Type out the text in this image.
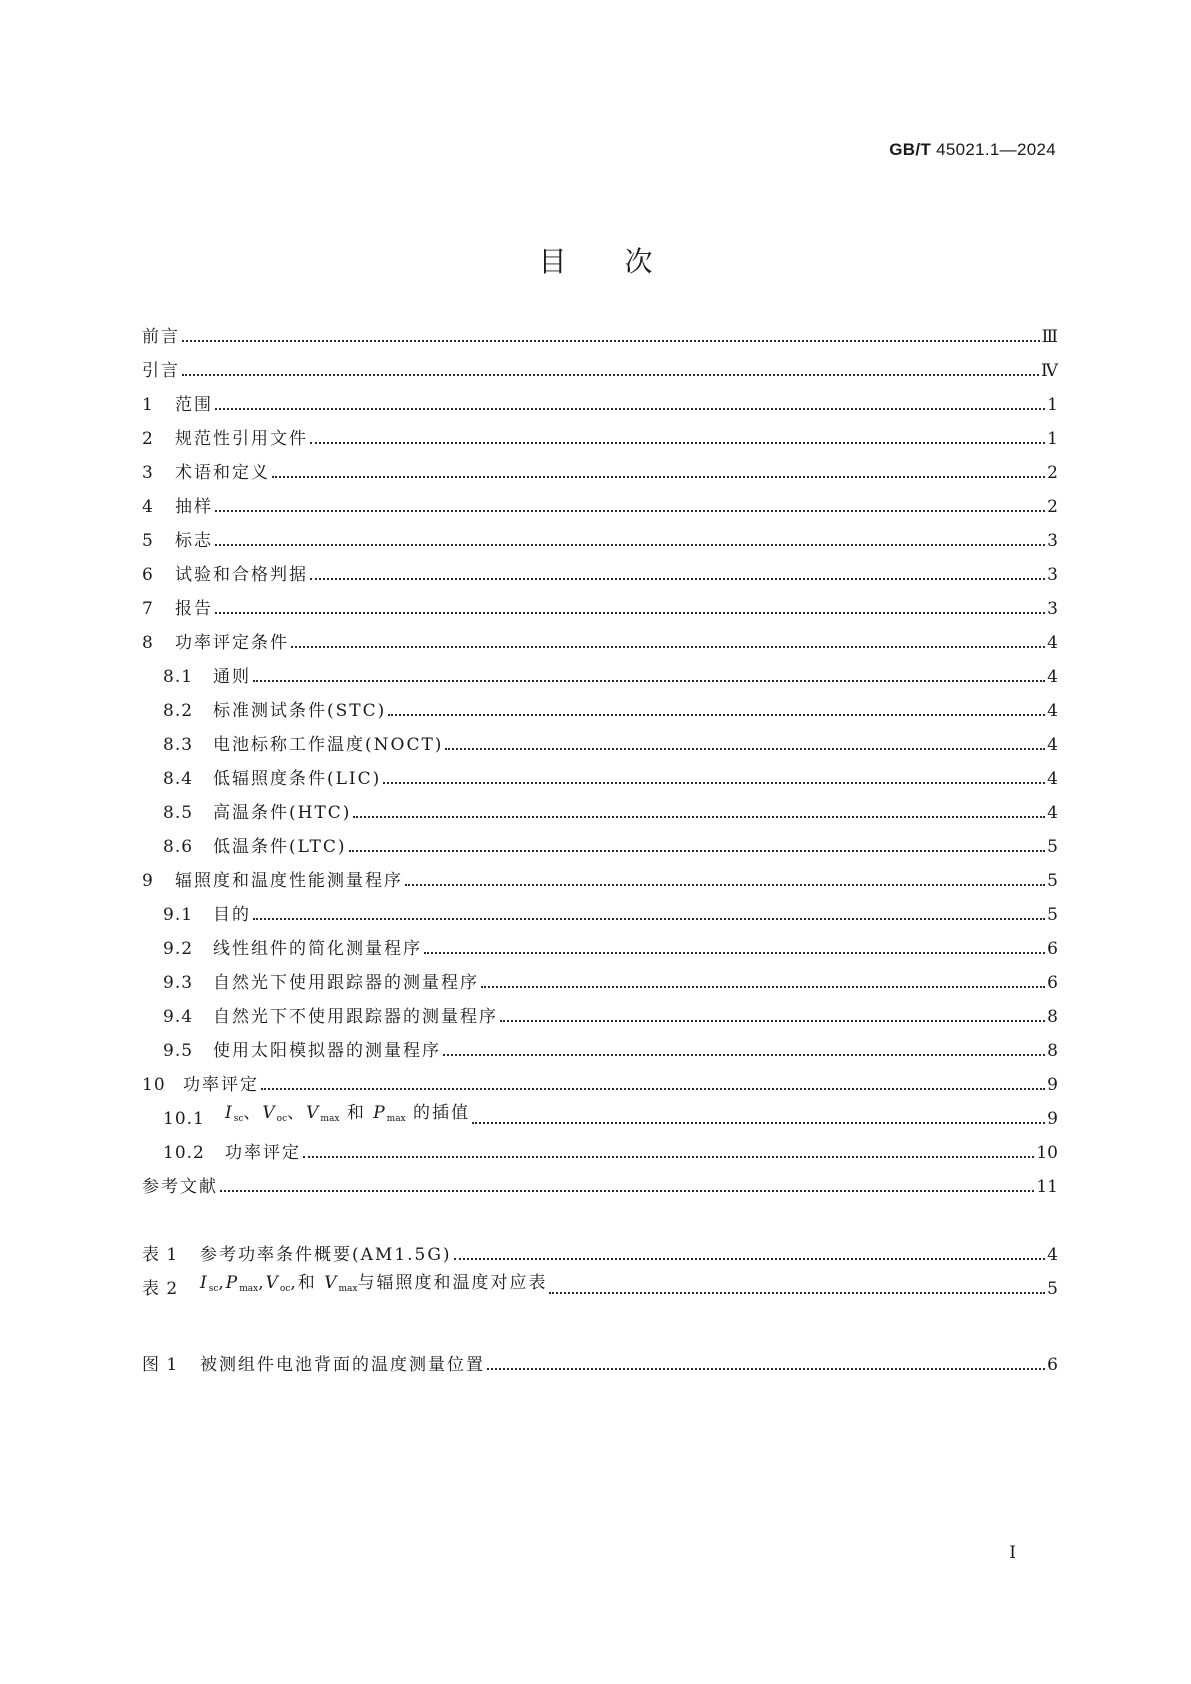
GB/T 45021.1—2024
目次
前言	Ⅲ
引言	Ⅳ
1	范围	1
2	规范性引用文件	1
3	术语和定义	2
4	抽样	2
5	标志	3
6	试验和合格判据	3
7	报告	3
8	功率评定条件	4
8.1	通则	4
8.2	标准测试条件(STC)	4
8.3	电池标称工作温度(NOCT)	4
8.4	低辐照度条件(LIC)	4
8.5	高温条件(HTC)	4
8.6	低温条件(LTC)	5
9	辐照度和温度性能测量程序	5
9.1	目的	5
9.2	线性组件的简化测量程序	6
9.3	自然光下使用跟踪器的测量程序	6
9.4	自然光下不使用跟踪器的测量程序	8
9.5	使用太阳模拟器的测量程序	8
10	功率评定	9
10.1	$I_{sc}$、$V_{oc}$、$V_{max}$ 和 $P_{max}$ 的插值	9
10.2	功率评定	10
参考文献	11
表 1	参考功率条件概要(AM1.5G)	4
表 2	$I_{sc},P_{max},V_{oc}$,和 $V_{max}$与辐照度和温度对应表	5
图 1	被测组件电池背面的温度测量位置	6
I
